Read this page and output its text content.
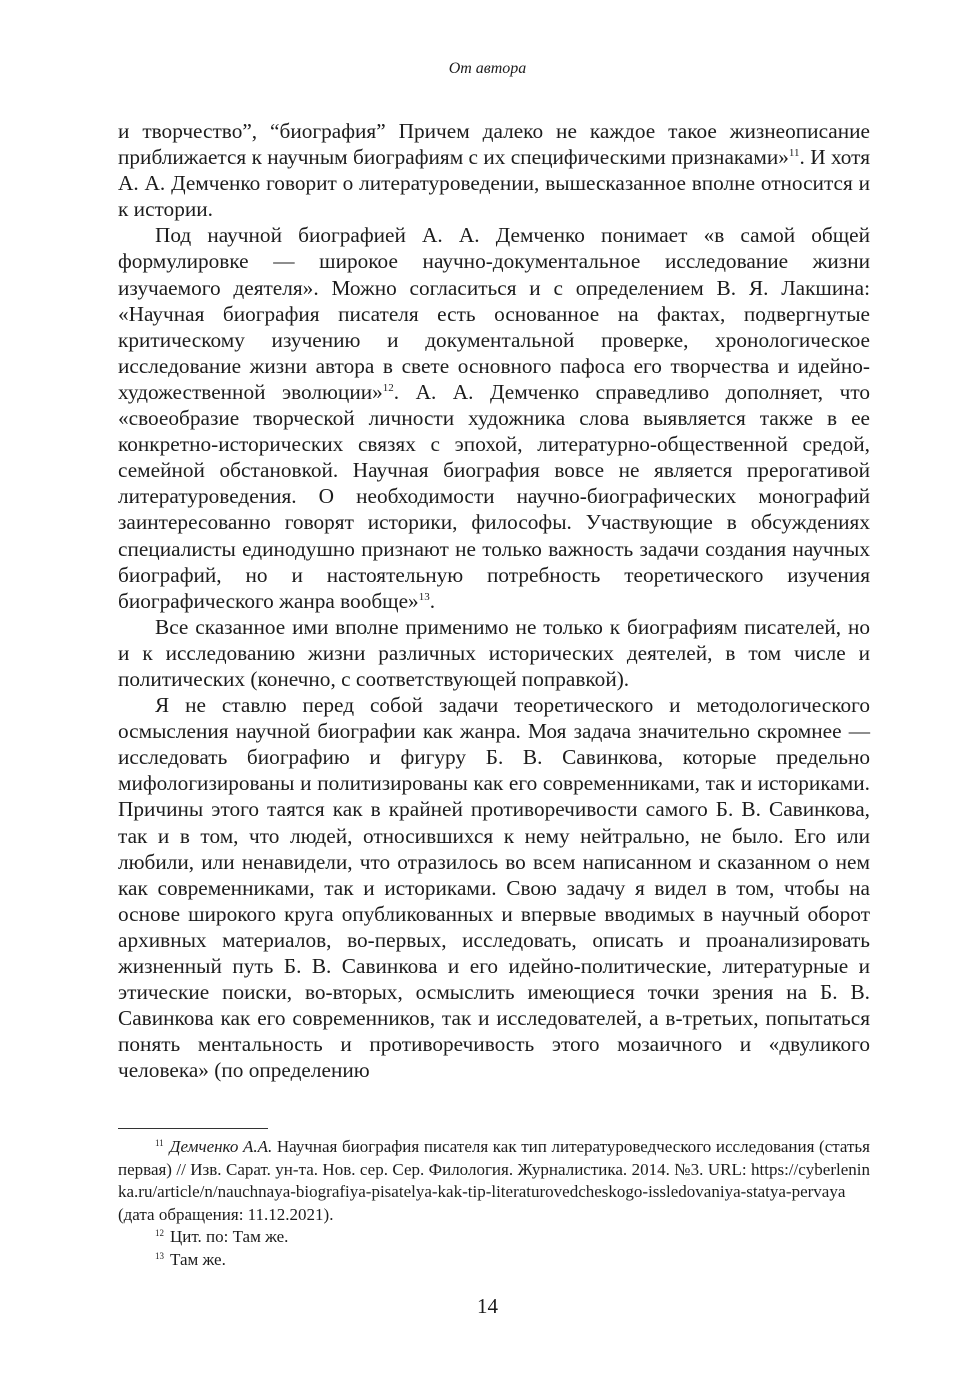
От автора

и творчество”, “биография” Причем далеко не каждое такое жизнеописание приближается к научным биографиям с их специфическими признаками»$^{11}$. И хотя А. А. Демченко говорит о литературоведении, вышесказанное вполне относится и к истории.

Под научной биографией А. А. Демченко понимает «в самой общей формулировке — широкое научно-документальное исследование жизни изучаемого деятеля». Можно согласиться и с определением В. Я. Лакшина: «Научная биография писателя есть основанное на фактах, подвергнутые критическому изучению и документальной проверке, хронологическое исследование жизни автора в свете основного пафоса его творчества и идейно-художественной эволюции»$^{12}$. А. А. Демченко справедливо дополняет, что «своеобразие творческой личности художника слова выявляется также в ее конкретно-исторических связях с эпохой, литературно-общественной средой, семейной обстановкой. Научная биография вовсе не является прерогативой литературоведения. О необходимости научно-биографических монографий заинтересованно говорят историки, философы. Участвующие в обсуждениях специалисты единодушно признают не только важность задачи создания научных биографий, но и настоятельную потребность теоретического изучения биографического жанра вообще»$^{13}$.

Все сказанное ими вполне применимо не только к биографиям писателей, но и к исследованию жизни различных исторических деятелей, в том числе и политических (конечно, с соответствующей поправкой).

Я не ставлю перед собой задачи теоретического и методологического осмысления научной биографии как жанра. Моя задача значительно скромнее — исследовать биографию и фигуру Б. В. Савинкова, которые предельно мифологизированы и политизированы как его современниками, так и историками. Причины этого таятся как в крайней противоречивости самого Б. В. Савинкова, так и в том, что людей, относившихся к нему нейтрально, не было. Его или любили, или ненавидели, что отразилось во всем написанном и сказанном о нем как современниками, так и историками. Свою задачу я видел в том, чтобы на основе широкого круга опубликованных и впервые вводимых в научный оборот архивных материалов, во-первых, исследовать, описать и проанализировать жизненный путь Б. В. Савинкова и его идейно-политические, литературные и этические поиски, во-вторых, осмыслить имеющиеся точки зрения на Б. В. Савинкова как его современников, так и исследователей, а в-третьих, попытаться понять ментальность и противоречивость этого мозаичного и «двуликого человека» (по определению

$^{11}$ Демченко А.А. Научная биография писателя как тип литературоведческого исследования (статья первая) // Изв. Сарат. ун-та. Нов. сер. Сер. Филология. Журналистика. 2014. №3. URL: https://cyberleninka.ru/article/n/nauchnaya-biografiya-pisatelya-kak-tip-literaturovedcheskogo-issledovaniya-statya-pervaya (дата обращения: 11.12.2021).

$^{12}$ Цит. по: Там же.

$^{13}$ Там же.

14
